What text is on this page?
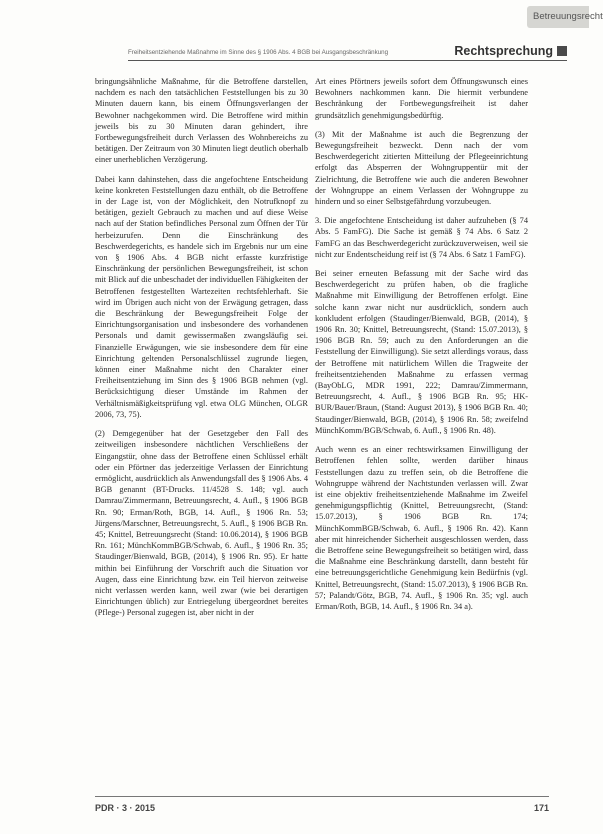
Betreuungsrecht
Freiheitsentziehende Maßnahme im Sinne des § 1906 Abs. 4 BGB bei Ausgangsbeschränkung	Rechtsprechung

bringungsähnliche Maßnahme, für die Betroffene darstellen, nachdem es nach den tatsächlichen Feststellungen bis zu 30 Minuten dauern kann, bis einem Öffnungsverlangen der Bewohner nachgekommen wird. Die Betroffene wird mithin jeweils bis zu 30 Minuten daran gehindert, ihre Fortbewegungsfreiheit durch Verlassen des Wohnbereichs zu betätigen. Der Zeitraum von 30 Minuten liegt deutlich oberhalb einer unerheblichen Verzögerung.

Dabei kann dahinstehen, dass die angefochtene Entscheidung keine konkreten Feststellungen dazu enthält, ob die Betroffene in der Lage ist, von der Möglichkeit, den Notrufknopf zu betätigen, gezielt Gebrauch zu machen und auf diese Weise nach auf der Station befindliches Personal zum Öffnen der Tür herbeizurufen. Denn die Einschränkung des Beschwerdegerichts, es handele sich im Ergebnis nur um eine von § 1906 Abs. 4 BGB nicht erfasste kurzfristige Einschränkung der persönlichen Bewegungsfreiheit, ist schon mit Blick auf die unbeschadet der individuellen Fähigkeiten der Betroffenen festgestellten Wartezeiten rechtsfehlerhaft. Sie wird im Übrigen auch nicht von der Erwägung getragen, dass die Beschränkung der Bewegungsfreiheit Folge der Einrichtungsorganisation und insbesondere des vorhandenen Personals und damit gewissermaßen zwangsläufig sei. Finanzielle Erwägungen, wie sie insbesondere dem für eine Einrichtung geltenden Personalschlüssel zugrunde liegen, können einer Maßnahme nicht den Charakter einer Freiheitsentziehung im Sinn des § 1906 BGB nehmen (vgl. Berücksichtigung dieser Umstände im Rahmen der Verhältnismäßigkeitsprüfung vgl. etwa OLG München, OLGR 2006, 73, 75).

(2) Demgegenüber hat der Gesetzgeber den Fall des zeitweiligen insbesondere nächtlichen Verschließens der Eingangstür, ohne dass der Betroffene einen Schlüssel erhält oder ein Pförtner das jederzeitige Verlassen der Einrichtung ermöglicht, ausdrücklich als Anwendungsfall des § 1906 Abs. 4 BGB genannt (BT-Drucks. 11/4528 S. 148; vgl. auch Damrau/Zimmermann, Betreuungsrecht, 4. Aufl., § 1906 BGB Rn. 90; Erman/Roth, BGB, 14. Aufl., § 1906 Rn. 53; Jürgens/Marschner, Betreuungsrecht, 5. Aufl., § 1906 BGB Rn. 45; Knittel, Betreuungsrecht (Stand: 10.06.2014), § 1906 BGB Rn. 161; MünchKommBGB/Schwab, 6. Aufl., § 1906 Rn. 35; Staudinger/Bienwald, BGB, (2014), § 1906 Rn. 95). Er hatte mithin bei Einführung der Vorschrift auch die Situation vor Augen, dass eine Einrichtung bzw. ein Teil hiervon zeitweise nicht verlassen werden kann, weil zwar (wie bei derartigen Einrichtungen üblich) zur Entriegelung übergeordnet bereites (Pflege-) Personal zugegen ist, aber nicht in der

Art eines Pförtners jeweils sofort dem Öffnungswunsch eines Bewohners nachkommen kann. Die hiermit verbundene Beschränkung der Fortbewegungsfreiheit ist daher grundsätzlich genehmigungsbedürftig.

(3) Mit der Maßnahme ist auch die Begrenzung der Bewegungsfreiheit bezweckt. Denn nach der vom Beschwerdegericht zitierten Mitteilung der Pflegeeinrichtung erfolgt das Absperren der Wohngruppentür mit der Zielrichtung, die Betroffene wie auch die anderen Bewohner der Wohngruppe an einem Verlassen der Wohngruppe zu hindern und so einer Selbstgefährdung vorzubeugen.

3. Die angefochtene Entscheidung ist daher aufzuheben (§ 74 Abs. 5 FamFG). Die Sache ist gemäß § 74 Abs. 6 Satz 2 FamFG an das Beschwerdegericht zurückzuverweisen, weil sie nicht zur Endentscheidung reif ist (§ 74 Abs. 6 Satz 1 FamFG).

Bei seiner erneuten Befassung mit der Sache wird das Beschwerdegericht zu prüfen haben, ob die fragliche Maßnahme mit Einwilligung der Betroffenen erfolgt. Eine solche kann zwar nicht nur ausdrücklich, sondern auch konkludent erfolgen (Staudinger/Bienwald, BGB, (2014), § 1906 Rn. 30; Knittel, Betreuungsrecht, (Stand: 15.07.2013), § 1906 BGB Rn. 59; auch zu den Anforderungen an die Feststellung der Einwilligung). Sie setzt allerdings voraus, dass der Betroffene mit natürlichem Willen die Tragweite der freiheitsentziehenden Maßnahme zu erfassen vermag (BayObLG, MDR 1991, 222; Damrau/Zimmermann, Betreuungsrecht, 4. Aufl., § 1906 BGB Rn. 95; HK-BUR/Bauer/Braun, (Stand: August 2013), § 1906 BGB Rn. 40; Staudinger/Bienwald, BGB, (2014), § 1906 Rn. 58; zweifelnd MünchKomm/BGB/Schwab, 6. Aufl., § 1906 Rn. 48).

Auch wenn es an einer rechtswirksamen Einwilligung der Betroffenen fehlen sollte, werden darüber hinaus Feststellungen dazu zu treffen sein, ob die Betroffene die Wohngruppe während der Nachtstunden verlassen will. Zwar ist eine objektiv freiheitsentziehende Maßnahme im Zweifel genehmigungspflichtig (Knittel, Betreuungsrecht, (Stand: 15.07.2013), § 1906 BGB Rn. 174; MünchKommBGB/Schwab, 6. Aufl., § 1906 Rn. 42). Kann aber mit hinreichender Sicherheit ausgeschlossen werden, dass die Betroffene seine Bewegungsfreiheit so betätigen wird, dass die Maßnahme eine Beschränkung darstellt, dann besteht für eine betreuungsgerichtliche Genehmigung kein Bedürfnis (vgl. Knittel, Betreuungsrecht, (Stand: 15.07.2013), § 1906 BGB Rn. 57; Palandt/Götz, BGB, 74. Aufl., § 1906 Rn. 35; vgl. auch Erman/Roth, BGB, 14. Aufl., § 1906 Rn. 34 a).

PDR · 3 · 2015	171
